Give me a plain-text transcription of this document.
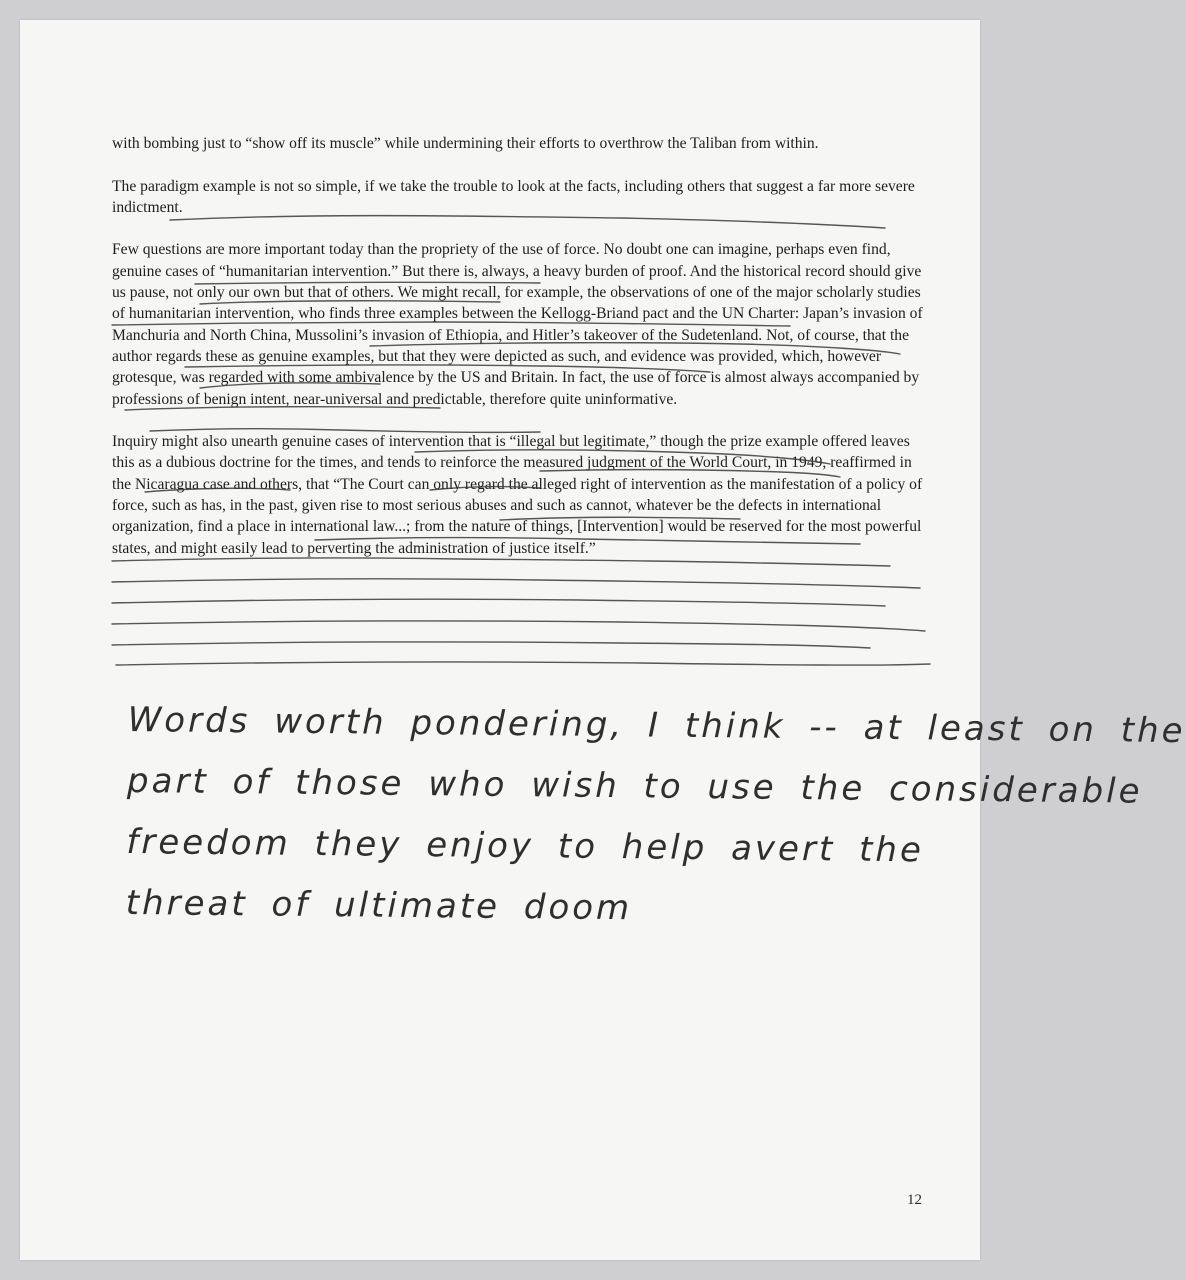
with bombing just to “show off its muscle” while undermining their efforts to overthrow the Taliban from within.

The paradigm example is not so simple, if we take the trouble to look at the facts, including others that suggest a far more severe indictment.

Few questions are more important today than the propriety of the use of force. No doubt one can imagine, perhaps even find, genuine cases of “humanitarian intervention.” But there is, always, a heavy burden of proof. And the historical record should give us pause, not only our own but that of others. We might recall, for example, the observations of one of the major scholarly studies of humanitarian intervention, who finds three examples between the Kellogg-Briand pact and the UN Charter: Japan’s invasion of Manchuria and North China, Mussolini’s invasion of Ethiopia, and Hitler’s takeover of the Sudetenland. Not, of course, that the author regards these as genuine examples, but that they were depicted as such, and evidence was provided, which, however grotesque, was regarded with some ambivalence by the US and Britain. In fact, the use of force is almost always accompanied by professions of benign intent, near-universal and predictable, therefore quite uninformative.

Inquiry might also unearth genuine cases of intervention that is “illegal but legitimate,” though the prize example offered leaves this as a dubious doctrine for the times, and tends to reinforce the measured judgment of the World Court, in 1949, reaffirmed in the Nicaragua case and others, that “The Court can only regard the alleged right of intervention as the manifestation of a policy of force, such as has, in the past, given rise to most serious abuses and such as cannot, whatever be the defects in international organization, find a place in international law...; from the nature of things, [Intervention] would be reserved for the most powerful states, and might easily lead to perverting the administration of justice itself.”

Words worth pondering, I think -- at least on the
part of those who wish to use the considerable
freedom they enjoy to help avert the
threat of ultimate doom
12
